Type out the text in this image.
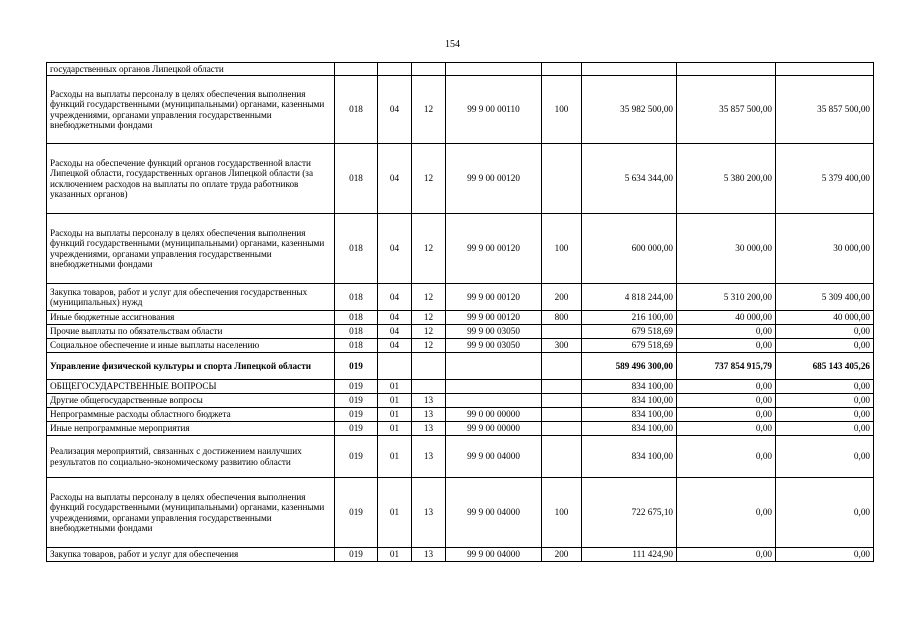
154
государственных органов Липецкой области								
Расходы на выплаты персоналу в целях обеспечения выполнения функций государственными (муниципальными) органами, казенными учреждениями, органами управления государственными внебюджетными фондами	018	04	12	99 9 00 00110	100	35 982 500,00	35 857 500,00	35 857 500,00
Расходы на обеспечение функций органов государственной власти Липецкой области, государственных органов Липецкой области (за исключением расходов на выплаты по оплате труда работников указанных органов)	018	04	12	99 9 00 00120		5 634 344,00	5 380 200,00	5 379 400,00
Расходы на выплаты персоналу в целях обеспечения выполнения функций государственными (муниципальными) органами, казенными учреждениями, органами управления государственными внебюджетными фондами	018	04	12	99 9 00 00120	100	600 000,00	30 000,00	30 000,00
Закупка товаров, работ и услуг для обеспечения государственных (муниципальных) нужд	018	04	12	99 9 00 00120	200	4 818 244,00	5 310 200,00	5 309 400,00
Иные бюджетные ассигнования	018	04	12	99 9 00 00120	800	216 100,00	40 000,00	40 000,00
Прочие выплаты по обязательствам области	018	04	12	99 9 00 03050		679 518,69	0,00	0,00
Социальное обеспечение и иные выплаты населению	018	04	12	99 9 00 03050	300	679 518,69	0,00	0,00
Управление физической культуры и спорта Липецкой области	019					589 496 300,00	737 854 915,79	685 143 405,26
ОБЩЕГОСУДАРСТВЕННЫЕ ВОПРОСЫ	019	01				834 100,00	0,00	0,00
Другие общегосударственные вопросы	019	01	13			834 100,00	0,00	0,00
Непрограммные расходы областного бюджета	019	01	13	99 0 00 00000		834 100,00	0,00	0,00
Иные непрограммные мероприятия	019	01	13	99 9 00 00000		834 100,00	0,00	0,00
Реализация мероприятий, связанных с достижением наилучших результатов по социально-экономическому развитию области	019	01	13	99 9 00 04000		834 100,00	0,00	0,00
Расходы на выплаты персоналу в целях обеспечения выполнения функций государственными (муниципальными) органами, казенными учреждениями, органами управления государственными внебюджетными фондами	019	01	13	99 9 00 04000	100	722 675,10	0,00	0,00
Закупка товаров, работ и услуг для обеспечения	019	01	13	99 9 00 04000	200	111 424,90	0,00	0,00
